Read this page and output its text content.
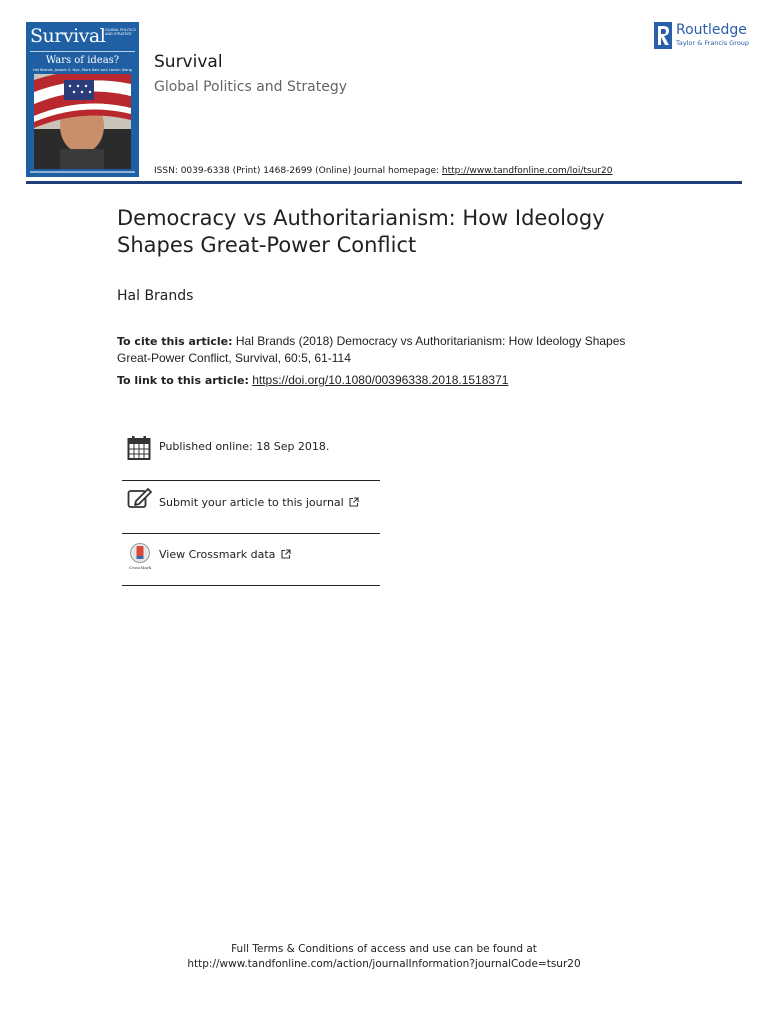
Survival GLOBAL POLITICS AND STRATEGY
Wars of ideas?
Hal Brands, Joseph S. Nye, Mark Katz and Lanxin Xiang	Survival
Global Politics and Strategy
ISSN: 0039-6338 (Print) 1468-2699 (Online) Journal homepage: http://www.tandfonline.com/loi/tsur20
Routledge
Taylor & Francis Group
Democracy vs Authoritarianism: How Ideology Shapes Great-Power Conflict
Hal Brands
To cite this article: Hal Brands (2018) Democracy vs Authoritarianism: How Ideology Shapes Great-Power Conflict, Survival, 60:5, 61-114
To link to this article: https://doi.org/10.1080/00396338.2018.1518371
Published online: 18 Sep 2018.
Submit your article to this journal
CrossMark
View Crossmark data
Full Terms & Conditions of access and use can be found at
http://www.tandfonline.com/action/journalInformation?journalCode=tsur20
